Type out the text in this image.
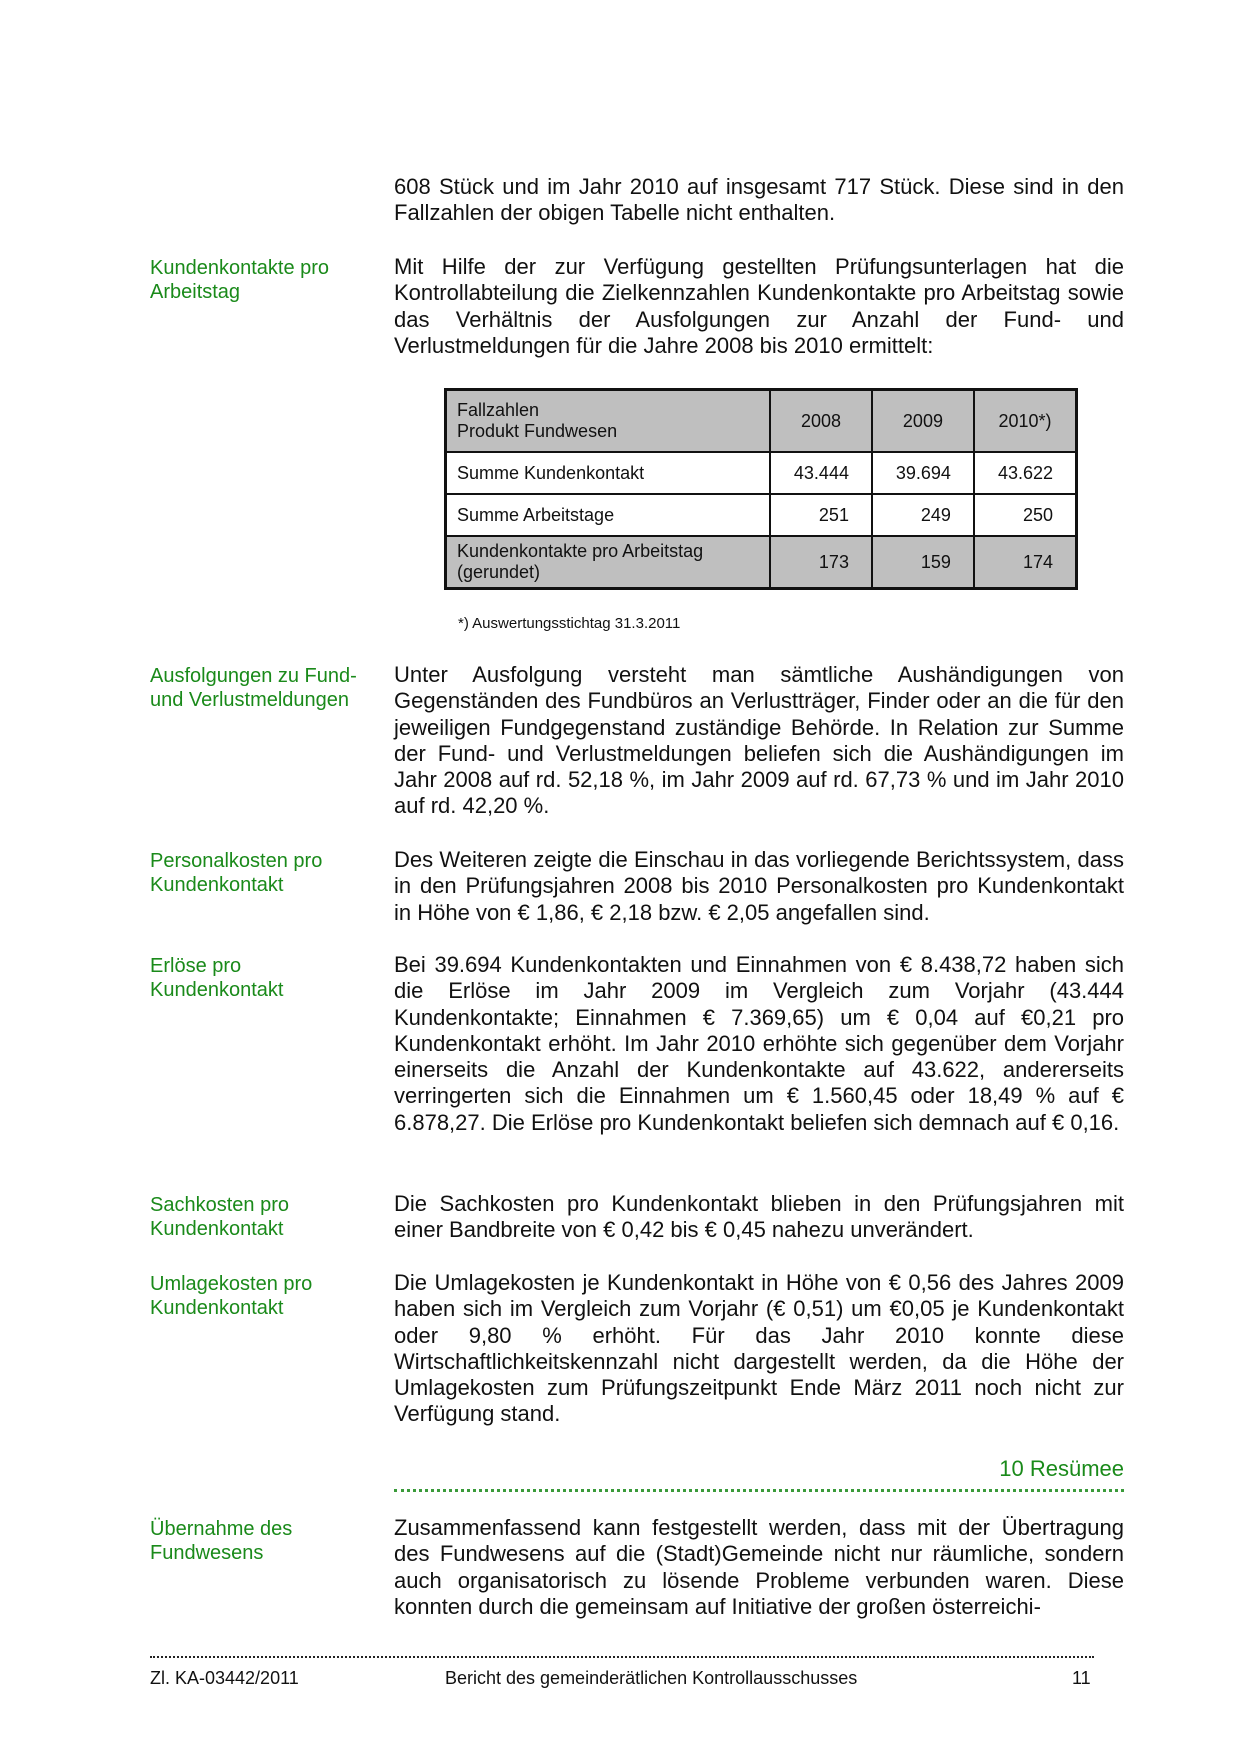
608 Stück und im Jahr 2010 auf insgesamt 717 Stück. Diese sind in den Fallzahlen der obigen Tabelle nicht enthalten.

Kundenkontakte pro Arbeitstag

Mit Hilfe der zur Verfügung gestellten Prüfungsunterlagen hat die Kontrollabteilung die Zielkennzahlen Kundenkontakte pro Arbeitstag sowie das Verhältnis der Ausfolgungen zur Anzahl der Fund- und Verlustmeldungen für die Jahre 2008 bis 2010 ermittelt:

Fallzahlen
Produkt Fundwesen	2008	2009	2010*)
Summe Kundenkontakt	43.444	39.694	43.622
Summe Arbeitstage	251	249	250

Kundenkontakte pro Arbeitstag
(gerundet)	173	159	174
*) Auswertungsstichtag 31.3.2011
Ausfolgungen zu Fund- und Verlustmeldungen

Unter Ausfolgung versteht man sämtliche Aushändigungen von Gegenständen des Fundbüros an Verlustträger, Finder oder an die für den jeweiligen Fundgegenstand zuständige Behörde. In Relation zur Summe der Fund- und Verlustmeldungen beliefen sich die Aushändigungen im Jahr 2008 auf rd. 52,18 %, im Jahr 2009 auf rd. 67,73 % und im Jahr 2010 auf rd. 42,20 %.

Personalkosten pro Kundenkontakt

Des Weiteren zeigte die Einschau in das vorliegende Berichtssystem, dass in den Prüfungsjahren 2008 bis 2010 Personalkosten pro Kundenkontakt in Höhe von € 1,86, € 2,18 bzw. € 2,05 angefallen sind.

Erlöse pro Kundenkontakt

Bei 39.694 Kundenkontakten und Einnahmen von € 8.438,72 haben sich die Erlöse im Jahr 2009 im Vergleich zum Vorjahr (43.444 Kundenkontakte; Einnahmen € 7.369,65) um € 0,04 auf €0,21 pro Kundenkontakt erhöht. Im Jahr 2010 erhöhte sich gegenüber dem Vorjahr einerseits die Anzahl der Kundenkontakte auf 43.622, andererseits verringerten sich die Einnahmen um € 1.560,45 oder 18,49 % auf € 6.878,27. Die Erlöse pro Kundenkontakt beliefen sich demnach auf € 0,16.

Sachkosten pro Kundenkontakt

Die Sachkosten pro Kundenkontakt blieben in den Prüfungsjahren mit einer Bandbreite von € 0,42 bis € 0,45 nahezu unverändert.

Umlagekosten pro Kundenkontakt

Die Umlagekosten je Kundenkontakt in Höhe von € 0,56 des Jahres 2009 haben sich im Vergleich zum Vorjahr (€ 0,51) um €0,05 je Kundenkontakt oder 9,80 % erhöht. Für das Jahr 2010 konnte diese Wirtschaftlichkeitskennzahl nicht dargestellt werden, da die Höhe der Umlagekosten zum Prüfungszeitpunkt Ende März 2011 noch nicht zur Verfügung stand.

10 Resümee
Übernahme des Fundwesens

Zusammenfassend kann festgestellt werden, dass mit der Übertragung des Fundwesens auf die (Stadt)Gemeinde nicht nur räumliche, sondern auch organisatorisch zu lösende Probleme verbunden waren. Diese konnten durch die gemeinsam auf Initiative der großen österreichi-

Zl. KA-03442/2011	Bericht des gemeinderätlichen Kontrollausschusses	11
